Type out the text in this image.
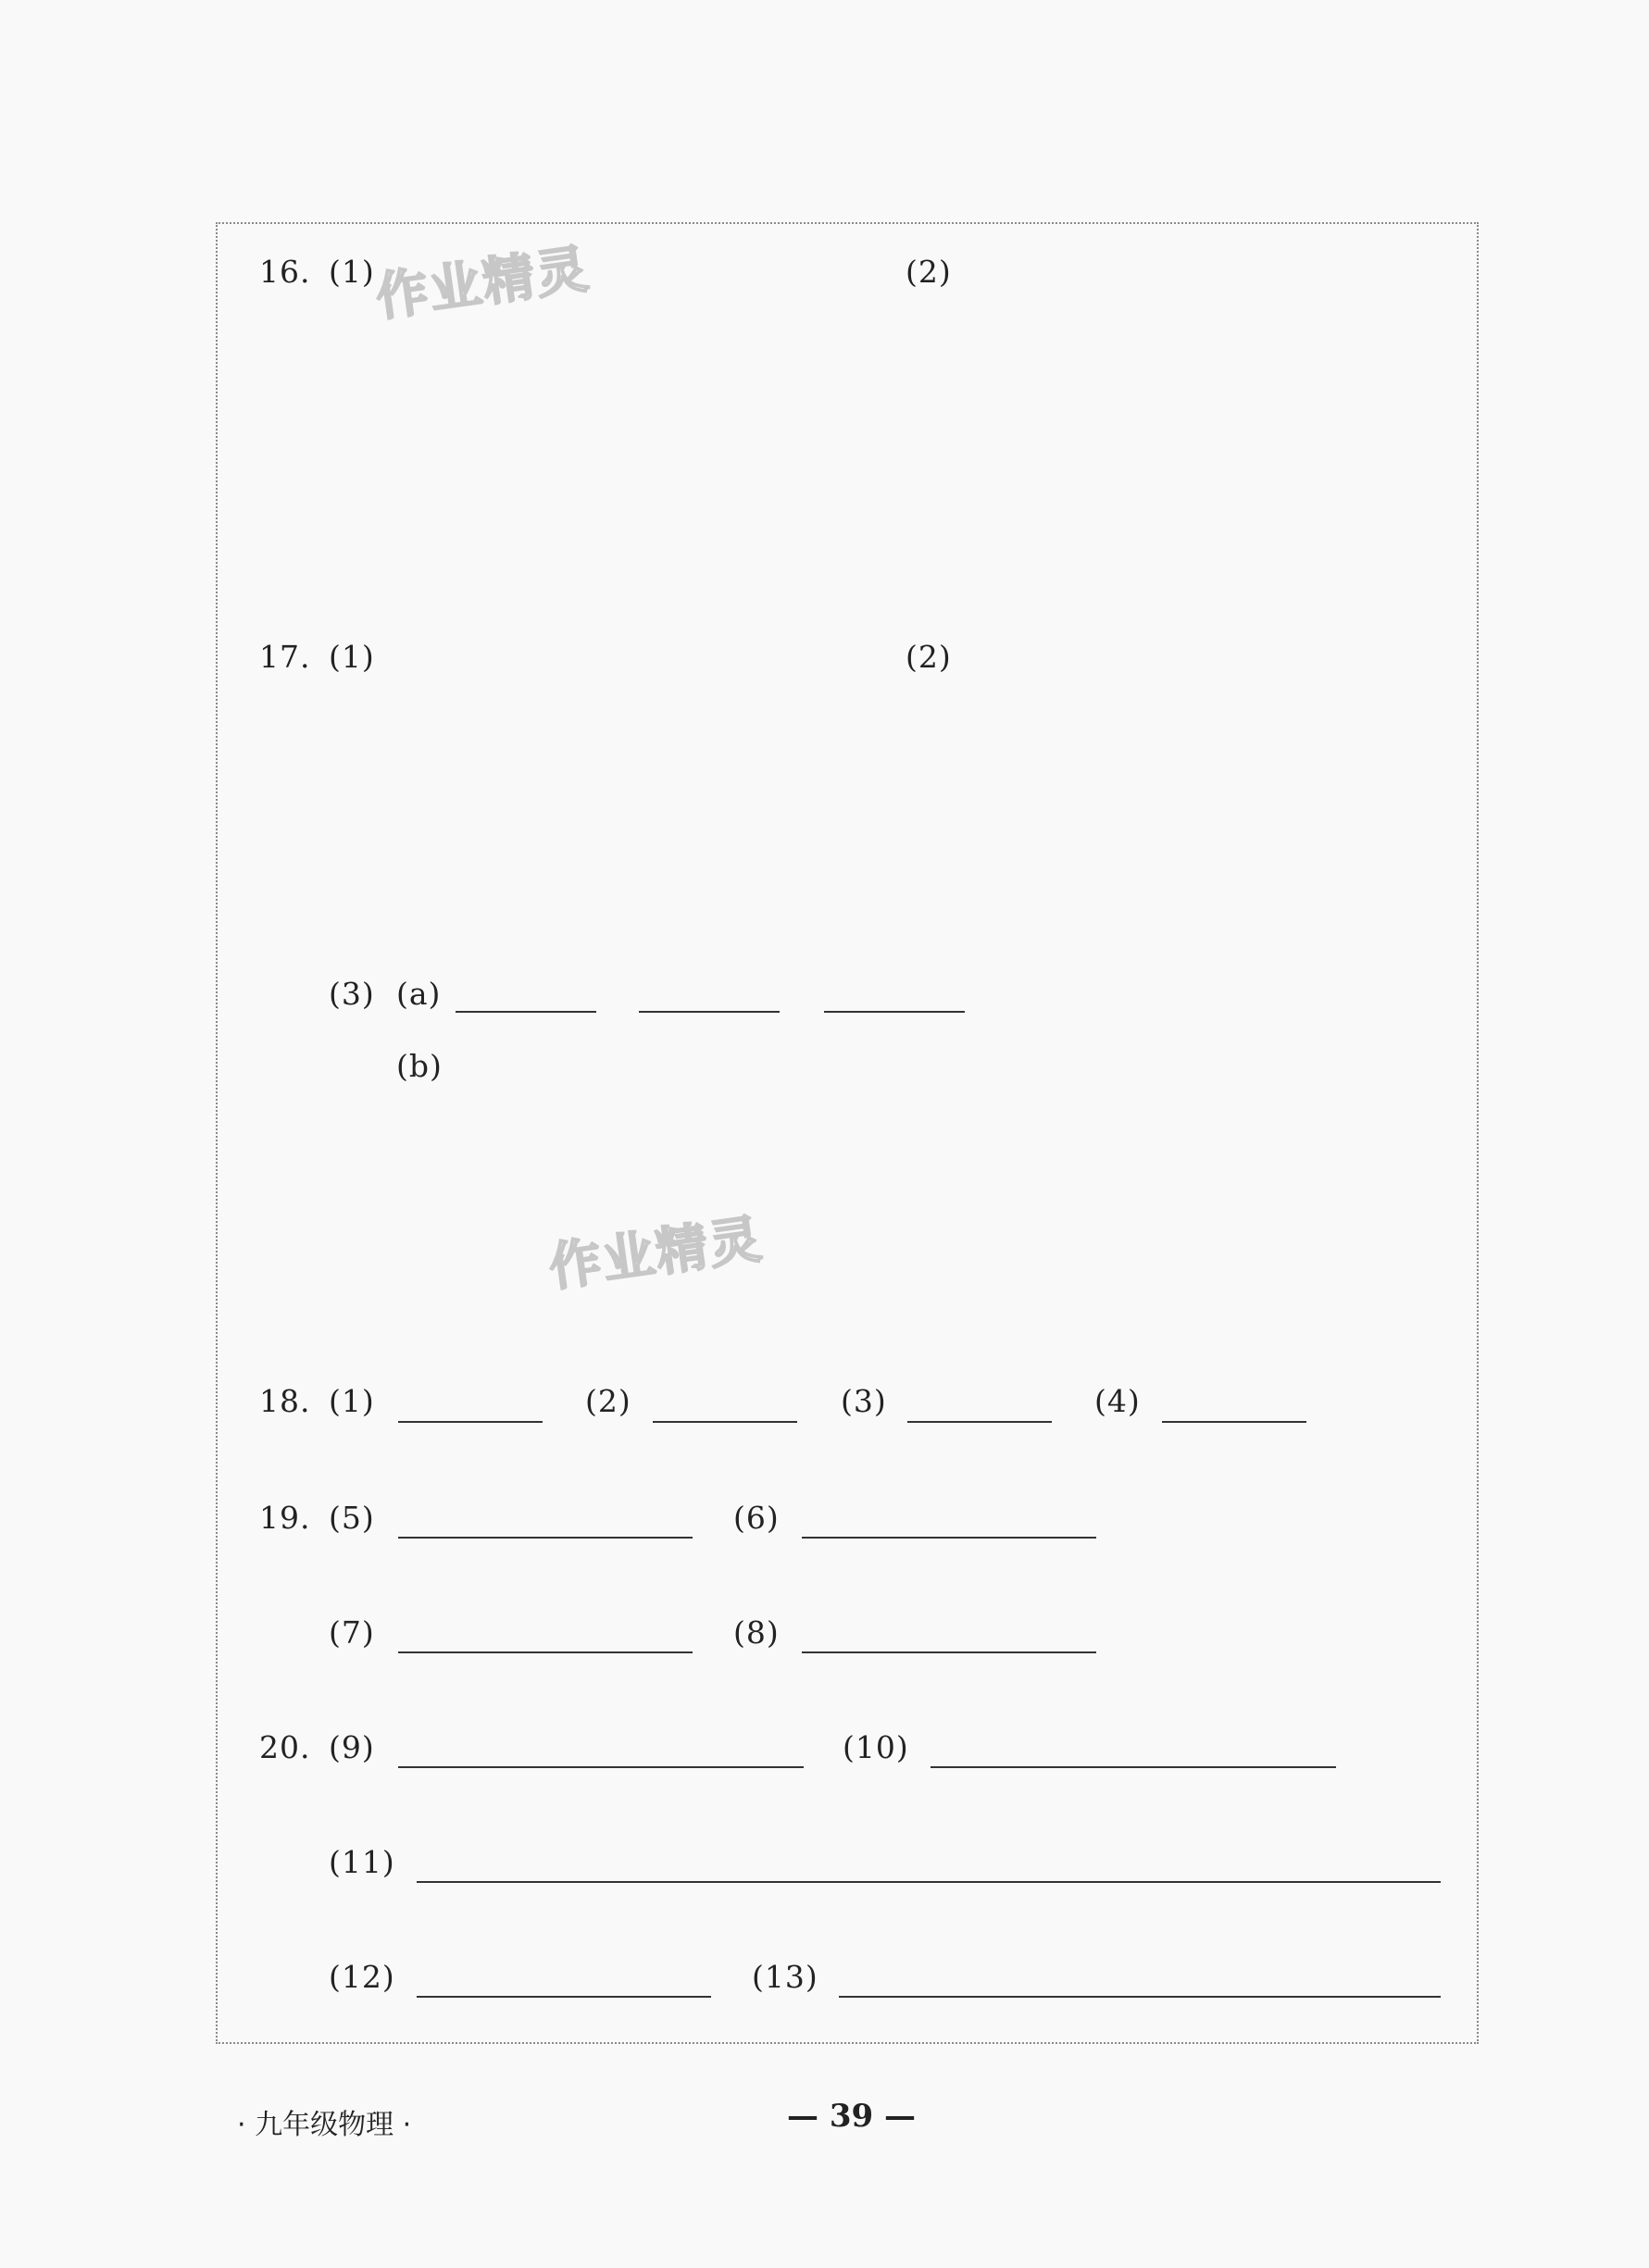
作业精灵
作业精灵
16. (1)	(2)
17. (1)	(2)
(3) (a)
(b)
18. (1)	(2)	(3)	(4)
19. (5)	(6)
(7)	(8)
20. (9)	(10)
(11)
(12)	(13)
· 九年级物理 ·	— 39 —
